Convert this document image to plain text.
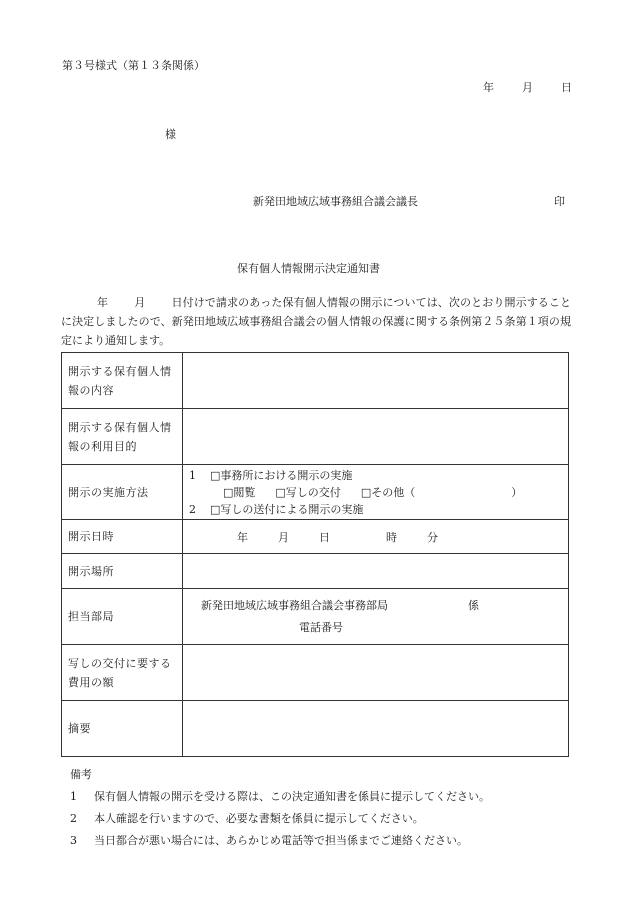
第３号様式（第１３条関係）
年	月	日
様
新発田地域広域事務組合議会議長	印
保有個人情報開示決定通知書

年 月 日付けで請求のあった保有個人情報の開示については、次のとおり開示することに決定しましたので、新発田地域広域事務組合議会の個人情報の保護に関する条例第２５条第１項の規定により通知します。

開示する保有個人情報の内容	
開示する保有個人情報の利用目的	
開示の実施方法	1 □事務所における開示の実施
□閲覧 □写しの交付 □その他（ ）
2 □写しの送付による開示の実施

開示日時	年 月 日 時 分
開示場所	
担当部局	新発田地域広域事務組合議会事務部局 係
電話番号

写しの交付に要する費用の額	
摘要	
備考
1 保有個人情報の開示を受ける際は、この決定通知書を係員に提示してください。
2 本人確認を行いますので、必要な書類を係員に提示してください。
3 当日都合が悪い場合には、あらかじめ電話等で担当係までご連絡ください。
